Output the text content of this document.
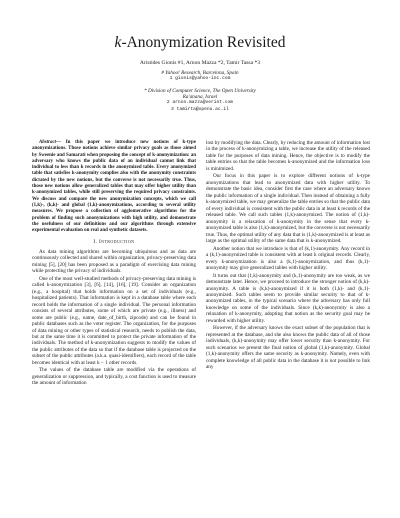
k-Anonymization Revisited
Aristides Gionis #1, Arnon Mazza *2, Tamir Tassa *3
# Yahoo! Research, Barcelona, Spain
1 gionis@yahoo-inc.com
* Division of Computer Science, The Open University
Ra'anana, Israel
2 arnon.mazza@verint.com
3 tamirta@openu.ac.il

Abstract— In this paper we introduce new notions of k-type anonymizations. Those notions achieve similar privacy goals as those aimed by Sweenie and Samarati when proposing the concept of k-anonymization: an adversary who knows the public data of an individual cannot link that individual to less than k records in the anonymized table. Every anonymized table that satisfies k-anonymity complies also with the anonymity constraints dictated by the new notions, but the converse is not necessarily true. Thus, those new notions allow generalized tables that may offer higher utility than k-anonymized tables, while still preserving the required privacy constraints. We discuss and compare the new anonymization concepts, which we call (1,k)-, (k,k)- and global (1,k)-anonymizations, according to several utility measures. We propose a collection of agglomerative algorithms for the problem of finding such anonymizations with high utility, and demonstrate the usefulness of our definitions and our algorithms through extensive experimental evaluation on real and synthetic datasets.

I. Introduction

As data mining algorithms are becoming ubiquitous and as data are continuously collected and shared within organization, privacy-preserving data mining [5], [20] has been proposed as a paradigm of exercising data mining while protecting the privacy of individuals.

One of the most well-studied methods of privacy-preserving data mining is called k-anonymization [3], [6], [14], [16], [19]. Consider an organization (e.g., a hospital) that holds information on a set of individuals (e.g., hospitalized patients). That information is kept in a database table where each record holds the information of a single individual. The personal information consists of several attributes, some of which are private (e.g., illness) and some are public (e.g., name, date_of_birth, zipcode) and can be found in public databases such as the voter register. The organization, for the purposes of data mining or other types of statistical research, needs to publish the data, but at the same time it is committed to protect the private information of the individuals. The method of k-anonymization suggests to modify the values of the public attributes of the data so that if the database table is projected on the subset of the public attributes (a.k.a. quasi-identifiers), each record of the table becomes identical with at least k − 1 other records.

The values of the database table are modified via the operations of generalization or suppression, and typically, a cost function is used to measure the amount of information

lost by modifying the data. Clearly, by reducing the amount of information lost in the process of k-anonymizing a table, we increase the utility of the released table for the purposes of data mining. Hence, the objective is to modify the table entries so that the table becomes k-anonymized and the information loss is minimized.

Our focus in this paper is to explore different notions of k-type anonymizations that lead to anonymized data with higher utility. To demonstrate the basic idea, consider first the case where an adversary knows the public information of a single individual. Then instead of obtaining a fully k-anonymized table, we may generalize the table entries so that the public data of every individual is consistent with the public data in at least k records of the released table. We call such tables (1,k)-anonymized. The notion of (1,k)-anonymity is a relaxation of k-anonymity in the sense that every k-anonymized table is also (1,k)-anonymized, but the converse is not necessarily true. Thus, the optimal utility of any data that is (1,k)-anonymized is at least as large as the optimal utility of the same data that is k-anonymized.

Another notion that we introduce is that of (k,1)-anonymity. Any record in a (k,1)-anonymized table is consistent with at least k original records. Clearly, every k-anonymization is also a (k,1)-anonymization, and thus (k,1)-anonymity may give generalized tables with higher utility.

It turns out that (1,k)-anonymity and (k,1)-anonymity are too weak, as we demonstrate later. Hence, we proceed to introduce the stronger notion of (k,k)-anonymity. A table is (k,k)-anonymized if it is both (1,k)- and (k,1)-anonymized. Such tables seem to provide similar security to that of k-anonymized tables, in the typical scenario where the adversary has only full knowledge on some of the individuals. Since (k,k)-anonymity is also a relaxation of k-anonymity, adopting that notion as the security goal may be rewarded with higher utility.

However, if the adversary knows the exact subset of the population that is represented at the database, and she also knows the public data of all of those individuals, (k,k)-anonymity may offer lower security than k-anonymity. For such scenarios we present the final notion of global (1,k)-anonymity. Global (1,k)-anonymity offers the same security as k-anonymity. Namely, even with complete knowledge of all public data in the database it is not possible to link any
